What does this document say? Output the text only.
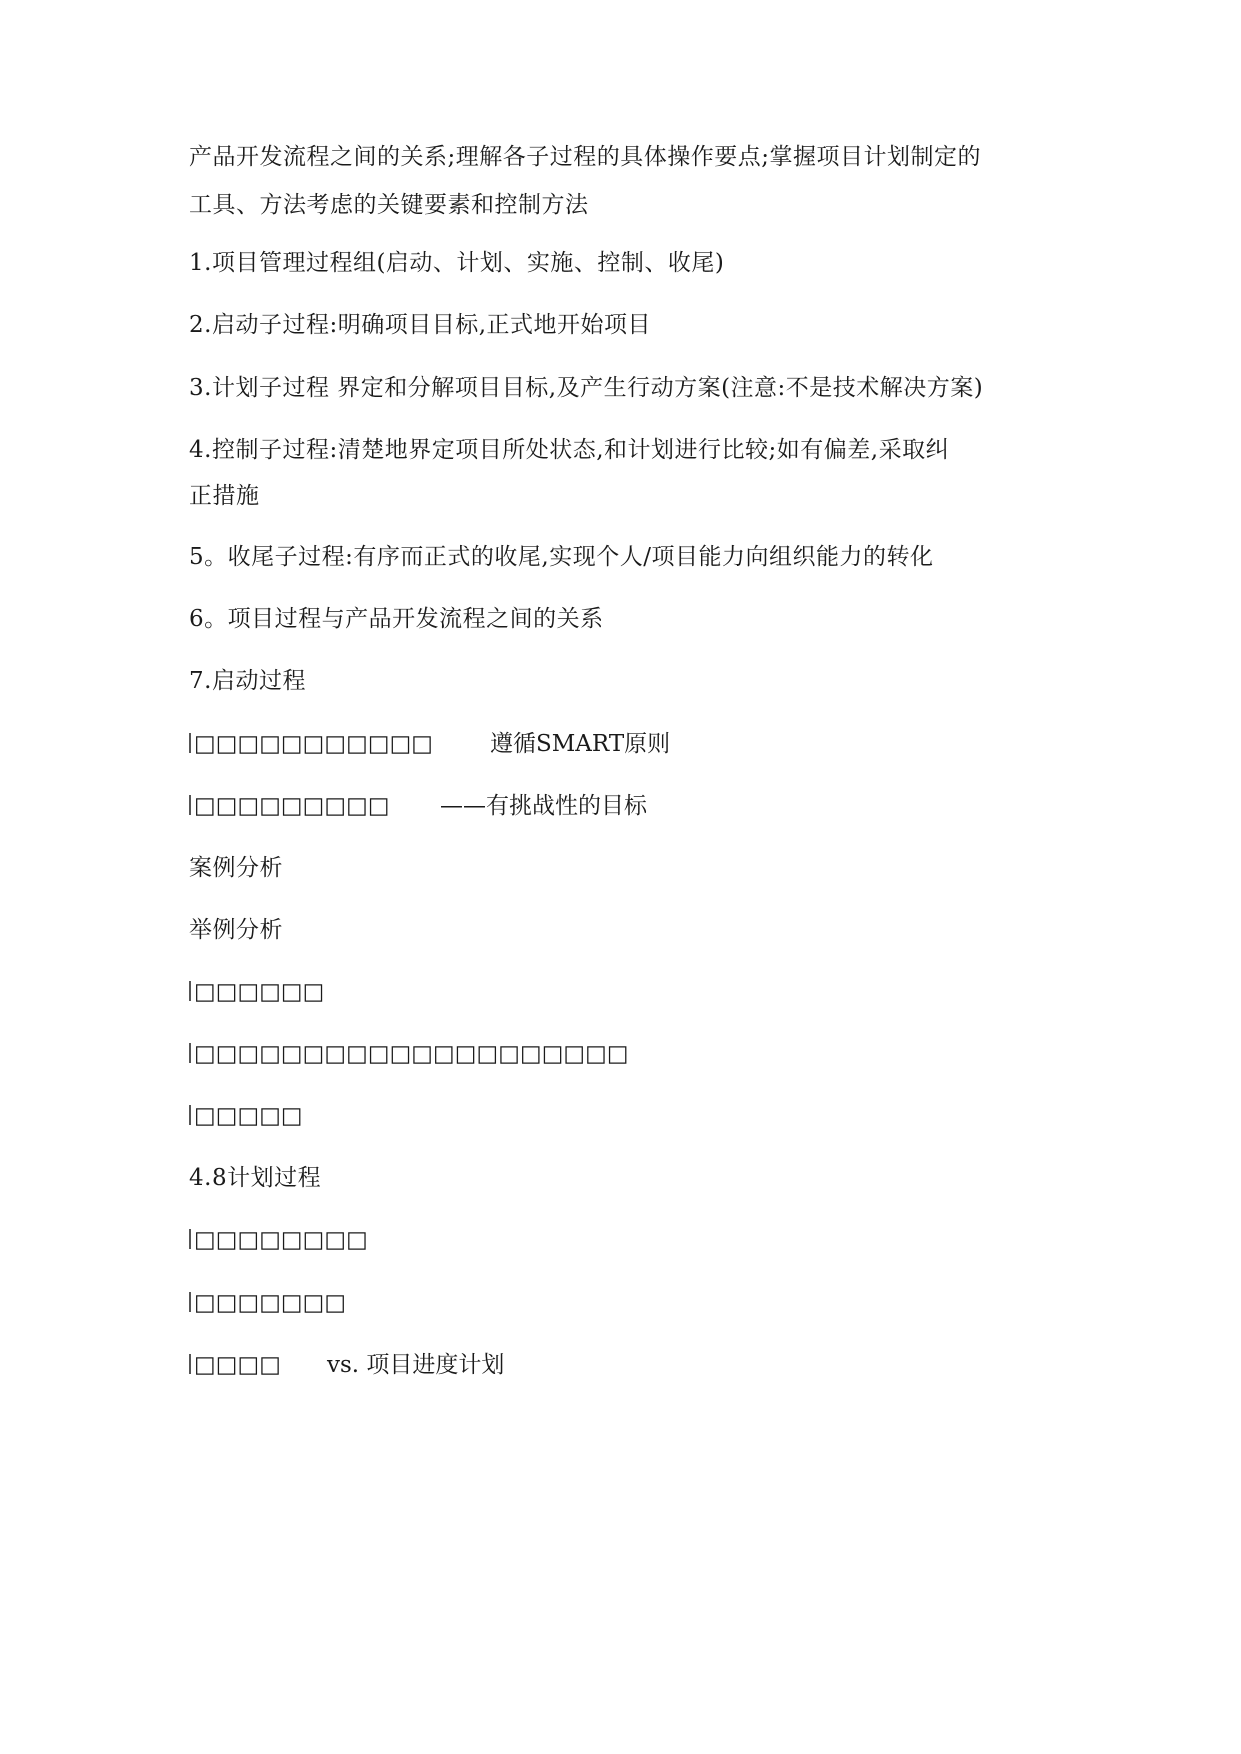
产品开发流程之间的关系;理解各子过程的具体操作要点;掌握项目计划制定的
工具、方法考虑的关键要素和控制方法
1.项目管理过程组(启动、计划、实施、控制、收尾)
2.启动子过程:明确项目目标,正式地开始项目
3.计划子过程 界定和分解项目目标,及产生行动方案(注意:不是技术解决方案)
4.控制子过程:清楚地界定项目所处状态,和计划进行比较;如有偏差,采取纠
正措施
5。收尾子过程:有序而正式的收尾,实现个人/项目能力向组织能力的转化
6。项目过程与产品开发流程之间的关系
7.启动过程
□□□□□□□□□□□ 遵循SMART原则
□□□□□□□□□ ——有挑战性的目标
案例分析
举例分析
□□□□□□
□□□□□□□□□□□□□□□□□□□□
□□□□□
4.8计划过程
□□□□□□□□
□□□□□□□
□□□□ vs. 项目进度计划
